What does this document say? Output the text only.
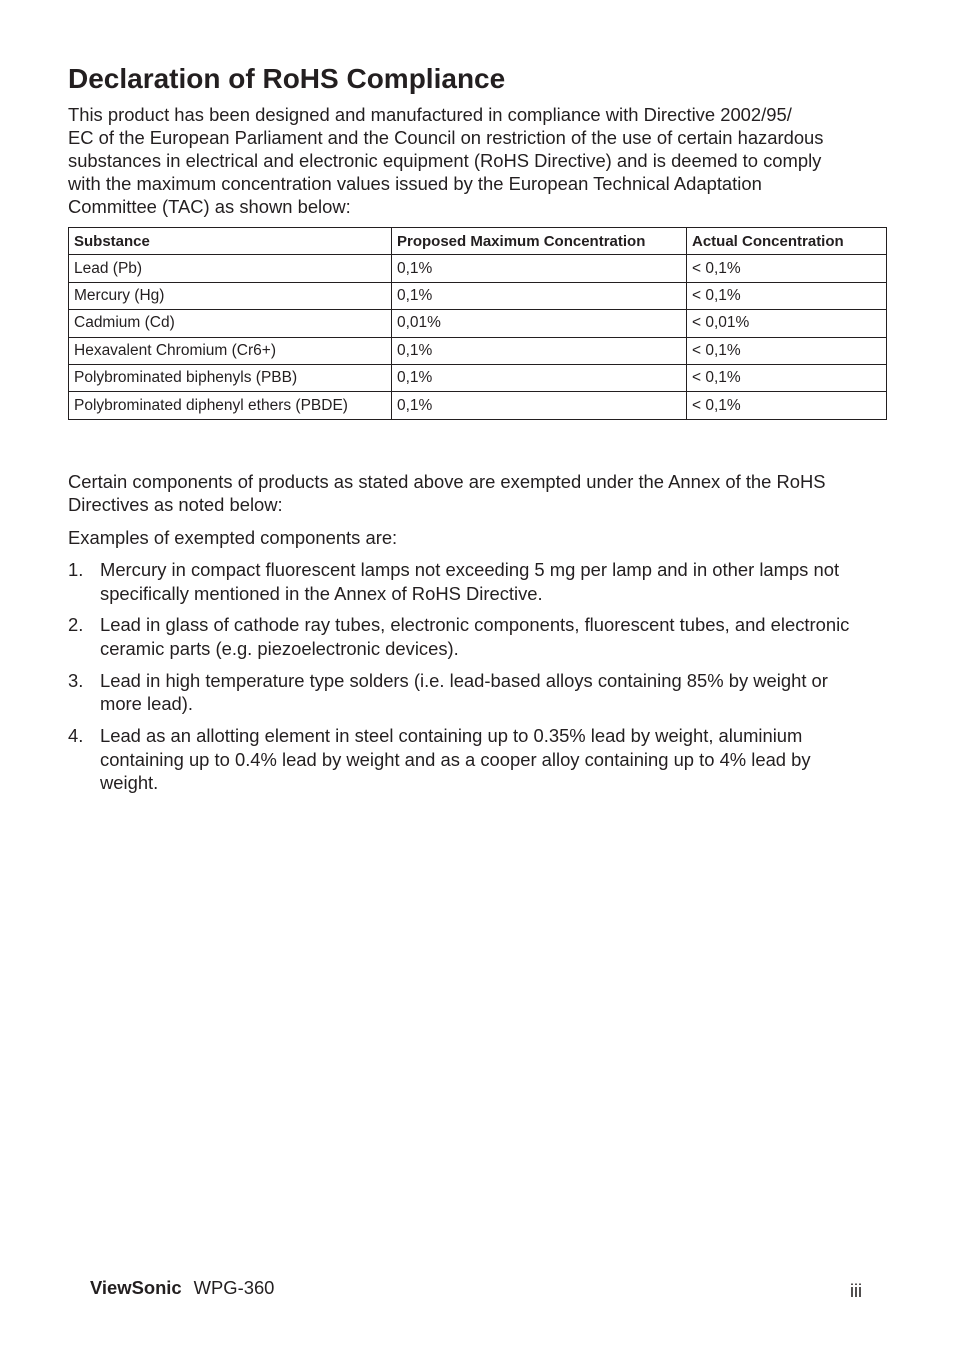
Declaration of RoHS Compliance

This product has been designed and manufactured in compliance with Directive 2002/95/
EC of the European Parliament and the Council on restriction of the use of certain hazardous
substances in electrical and electronic equipment (RoHS Directive) and is deemed to comply
with the maximum concentration values issued by the European Technical Adaptation
Committee (TAC) as shown below:

Substance	Proposed Maximum Concentration	Actual Concentration
Lead (Pb)	0,1%	< 0,1%
Mercury (Hg)	0,1%	< 0,1%
Cadmium (Cd)	0,01%	< 0,01%
Hexavalent Chromium (Cr6+)	0,1%	< 0,1%
Polybrominated biphenyls (PBB)	0,1%	< 0,1%
Polybrominated diphenyl ethers (PBDE)	0,1%	< 0,1%

Certain components of products as stated above are exempted under the Annex of the RoHS
Directives as noted below:

Examples of exempted components are:

1. Mercury in compact fluorescent lamps not exceeding 5 mg per lamp and in other lamps not
specifically mentioned in the Annex of RoHS Directive.
2. Lead in glass of cathode ray tubes, electronic components, fluorescent tubes, and electronic
ceramic parts (e.g. piezoelectronic devices).
3. Lead in high temperature type solders (i.e. lead-based alloys containing 85% by weight or
more lead).
4. Lead as an allotting element in steel containing up to 0.35% lead by weight, aluminium
containing up to 0.4% lead by weight and as a cooper alloy containing up to 4% lead by
weight.
ViewSonic WPG-360	iii
